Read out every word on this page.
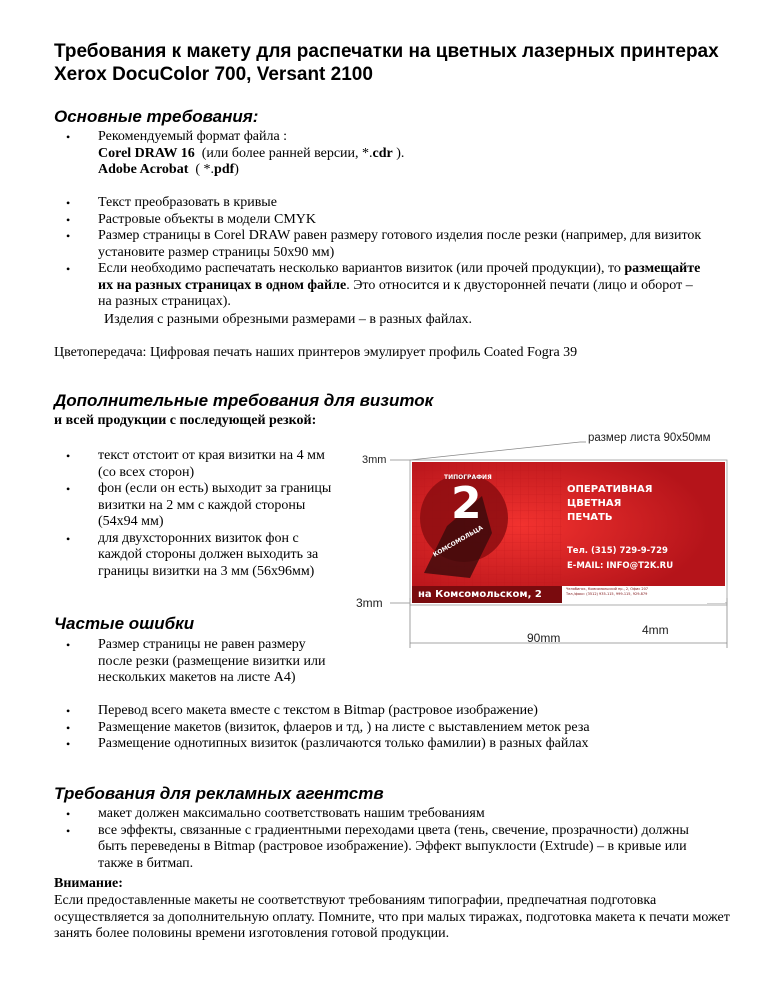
Требования к макету для распечатки на цветных лазерных принтерах Xerox DocuColor 700, Versant 2100
Основные требования:
• Рекомендуемый формат файла :
Corel DRAW 16  (или более ранней версии, *.cdr ).
Adobe Acrobat  ( *.pdf)
• Текст преобразовать в кривые
• Растровые объекты в модели CMYK
• Размер страницы в Corel DRAW равен размеру готового изделия после резки (например, для визиток установите размер страницы 50х90 мм)
• Если необходимо распечатать несколько вариантов визиток (или прочей продукции), то размещайте их на разных страницах в одном файле. Это относится и к двусторонней печати (лицо и оборот – на разных страницах).
Изделия с разными обрезными размерами – в разных файлах.
Цветопередача: Цифровая печать наших принтеров эмулирует профиль Coated Fogra 39
Дополнительные требования для визиток
и всей продукции с последующей резкой:
• текст отстоит от края визитки на 4 мм (со всех сторон)
• фон (если он есть) выходит за границы визитки на 2 мм с каждой стороны (54х94 мм)
• для двухсторонних визиток фон с каждой стороны должен выходить за границы визитки на 3 мм (56х96мм)
размер листа 90х50мм
3mm
3mm
4mm
90mm
ТИПОГРАФИЯ
2
КОМСОМОЛЬЦА
ОПЕРАТИВНАЯ
ЦВЕТНАЯ
ПЕЧАТЬ
Тел. (315) 729-9-729
E-MAIL: INFO@T2K.RU
на Комсомольском, 2	Челябинск, Комсомольский пр., 2, Офис 207
Тел./факс: (3512) 935-115, 999-115, 929-879
Частые ошибки
• Размер страницы не равен размеру после резки (размещение визитки или нескольких макетов на листе А4)
• Перевод всего макета вместе с текстом в Bitmap (растровое изображение)
• Размещение макетов (визиток, флаеров и тд, ) на листе с выставлением меток реза
• Размещение однотипных визиток (различаются только фамилии) в разных файлах
Требования для рекламных агентств
• макет должен максимально соответствовать нашим требованиям
• все эффекты, связанные с градиентными переходами цвета (тень, свечение, прозрачности) должны быть переведены в Bitmap (растровое изображение). Эффект выпуклости (Extrude) – в кривые или также в битмап.
Внимание:
Если предоставленные макеты не соответствуют требованиям типографии, предпечатная подготовка осуществляется за дополнительную оплату. Помните, что при малых тиражах, подготовка макета к печати может занять более половины времени изготовления готовой продукции.
